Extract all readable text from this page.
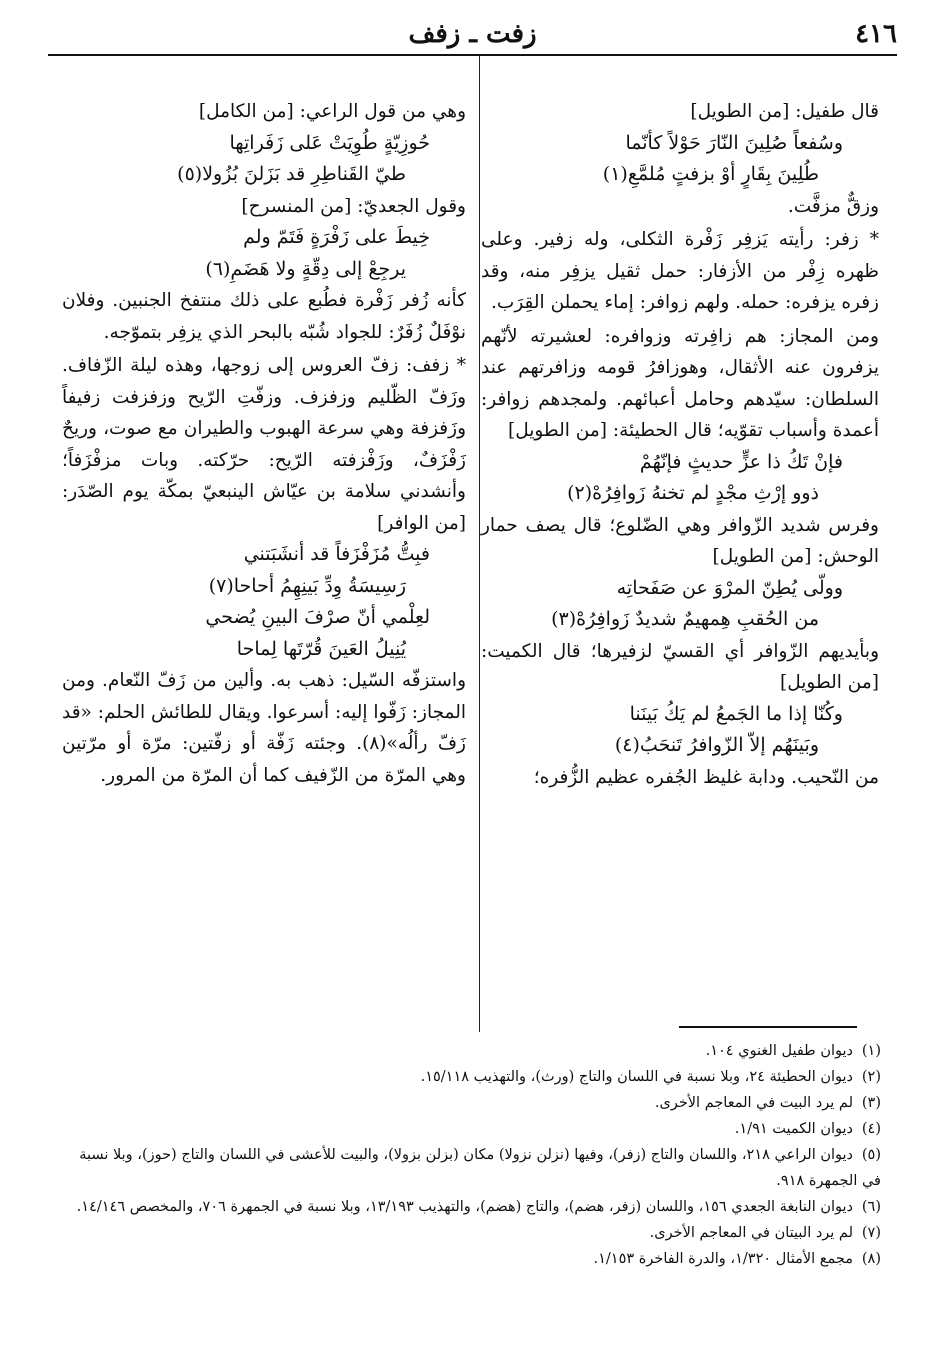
٤١٦
زفت ـ زفف

قال طفيل: [من الطويل]

وسُفعاً صُلِينَ النّارَ حَوْلاً كأنّما

طُلِينَ بِقَارٍ أوْ بزفتٍ مُلمَّعِ(١)

وزقٌّ مزفَّت.

* زفر: رأيته يَزفِر زَفْرة الثكلى، وله زفير. وعلى ظهره زِفْر من الأزفار: حمل ثقيل يزفِر منه، وقد زفره يزفره: حمله. ولهم زوافر: إماء يحملن القِرَب.

ومن المجاز: هم زافِرته وزوافره: لعشيرته لأنّهم يزفرون عنه الأثقال، وهوزافرُ قومه وزافرتهم عند السلطان: سيّدهم وحامل أعبائهم. ولمجدهم زوافر: أعمدة وأسباب تقوّيه؛ قال الحطيئة: [من الطويل]

فإنْ تَكُ ذا عزٍّ حديثٍ فإنّهُمْ

ذوو إرْثِ مجْدٍ لم تخنهُ زَوافِرُهْ(٢)

وفرس شديد الزّوافر وهي الضّلوع؛ قال يصف حمار الوحش: [من الطويل]

وولّى يُطِنّ المرْوَ عن صَفَحاتِه

من الحُقبِ هِمهيمٌ شديدٌ زَوافِرُهْ(٣)

وبأيديهم الزّوافر أي القسيّ لزفيرها؛ قال الكميت: [من الطويل]

وكُنّا إذا ما الجَمعُ لم يَكُ بَينَنا

وبَينَهُم إلاّ الزّوافرُ تَنحَبُ(٤)

من النّحيب. ودابة غليظ الجُفره عظيم الزُّفره؛

وهي من قول الراعي: [من الكامل]

حُوزِيّةٍ طُوِيَتْ عَلى زَفَراتِها

طيّ القَناطِرِ قد بَزَلنَ بُزُولا(٥)

وقول الجعديّ: [من المنسرح]

خِيطَ على زَفْرَةٍ فَتَمّ ولم

يرجِعْ إلى دِقّةٍ ولا هَضَمِ(٦)

كأنه زُفر زَفْرة فطُبع على ذلك منتفخ الجنبين. وفلان نوْفَلٌ زُفَرٌ: للجواد شُبّه بالبحر الذي يزفِر بتموّجه.

* زفف: زفّ العروس إلى زوجها، وهذه ليلة الزّفاف. وزَفّ الظّليم وزفزف. وزفّتِ الرّيح وزفزفت زفيفاً وزَفزفة وهي سرعة الهبوب والطيران مع صوت، وريحٌ زَفْزَفٌ، وزَفْزفته الرّيح: حرّكته. وبات مزفْزَفاً؛ وأنشدني سلامة بن عيّاش الينبعيّ بمكّة يوم الصّدَر: [من الوافر]

فبِتُّ مُزَفْزَفاً قد أنشَبَتني

رَسِيسَةُ وِدِّ بَينِهِمُ أحاحا(٧)

لعِلْمي أنّ صرْفَ البينِ يُضحي

يُنِيلُ العَينَ قُرّتَها لِماحا

واستزفّه السّيل: ذهب به. وألين من زَفّ النّعام. ومن المجاز: زَفّوا إليه: أسرعوا. ويقال للطائش الحلم: «قد زَفّ رألُه»(٨). وجئته زَفّة أو زفّتين: مرّة أو مرّتين وهي المرّة من الزّفيف كما أن المرّة من المرور.

(١)ديوان طفيل الغنوي ١٠٤.

(٢)ديوان الحطيئة ٢٤، وبلا نسبة في اللسان والتاج (ورث)، والتهذيب ١٥/١١٨.

(٣)لم يرد البيت في المعاجم الأخرى.

(٤)ديوان الكميت ١/٩١.

(٥)ديوان الراعي ٢١٨، واللسان والتاج (زفر)، وفيها (نزلن نزولا) مكان (بزلن بزولا)، والبيت للأعشى في اللسان والتاج (حوز)، وبلا نسبة في الجمهرة ٩١٨.

(٦)ديوان النابغة الجعدي ١٥٦، واللسان (زفر، هضم)، والتاج (هضم)، والتهذيب ١٣/١٩٣، وبلا نسبة في الجمهرة ٧٠٦، والمخصص ١٤/١٤٦.

(٧)لم يرد البيتان في المعاجم الأخرى.

(٨)مجمع الأمثال ١/٣٢٠، والدرة الفاخرة ١/١٥٣.
